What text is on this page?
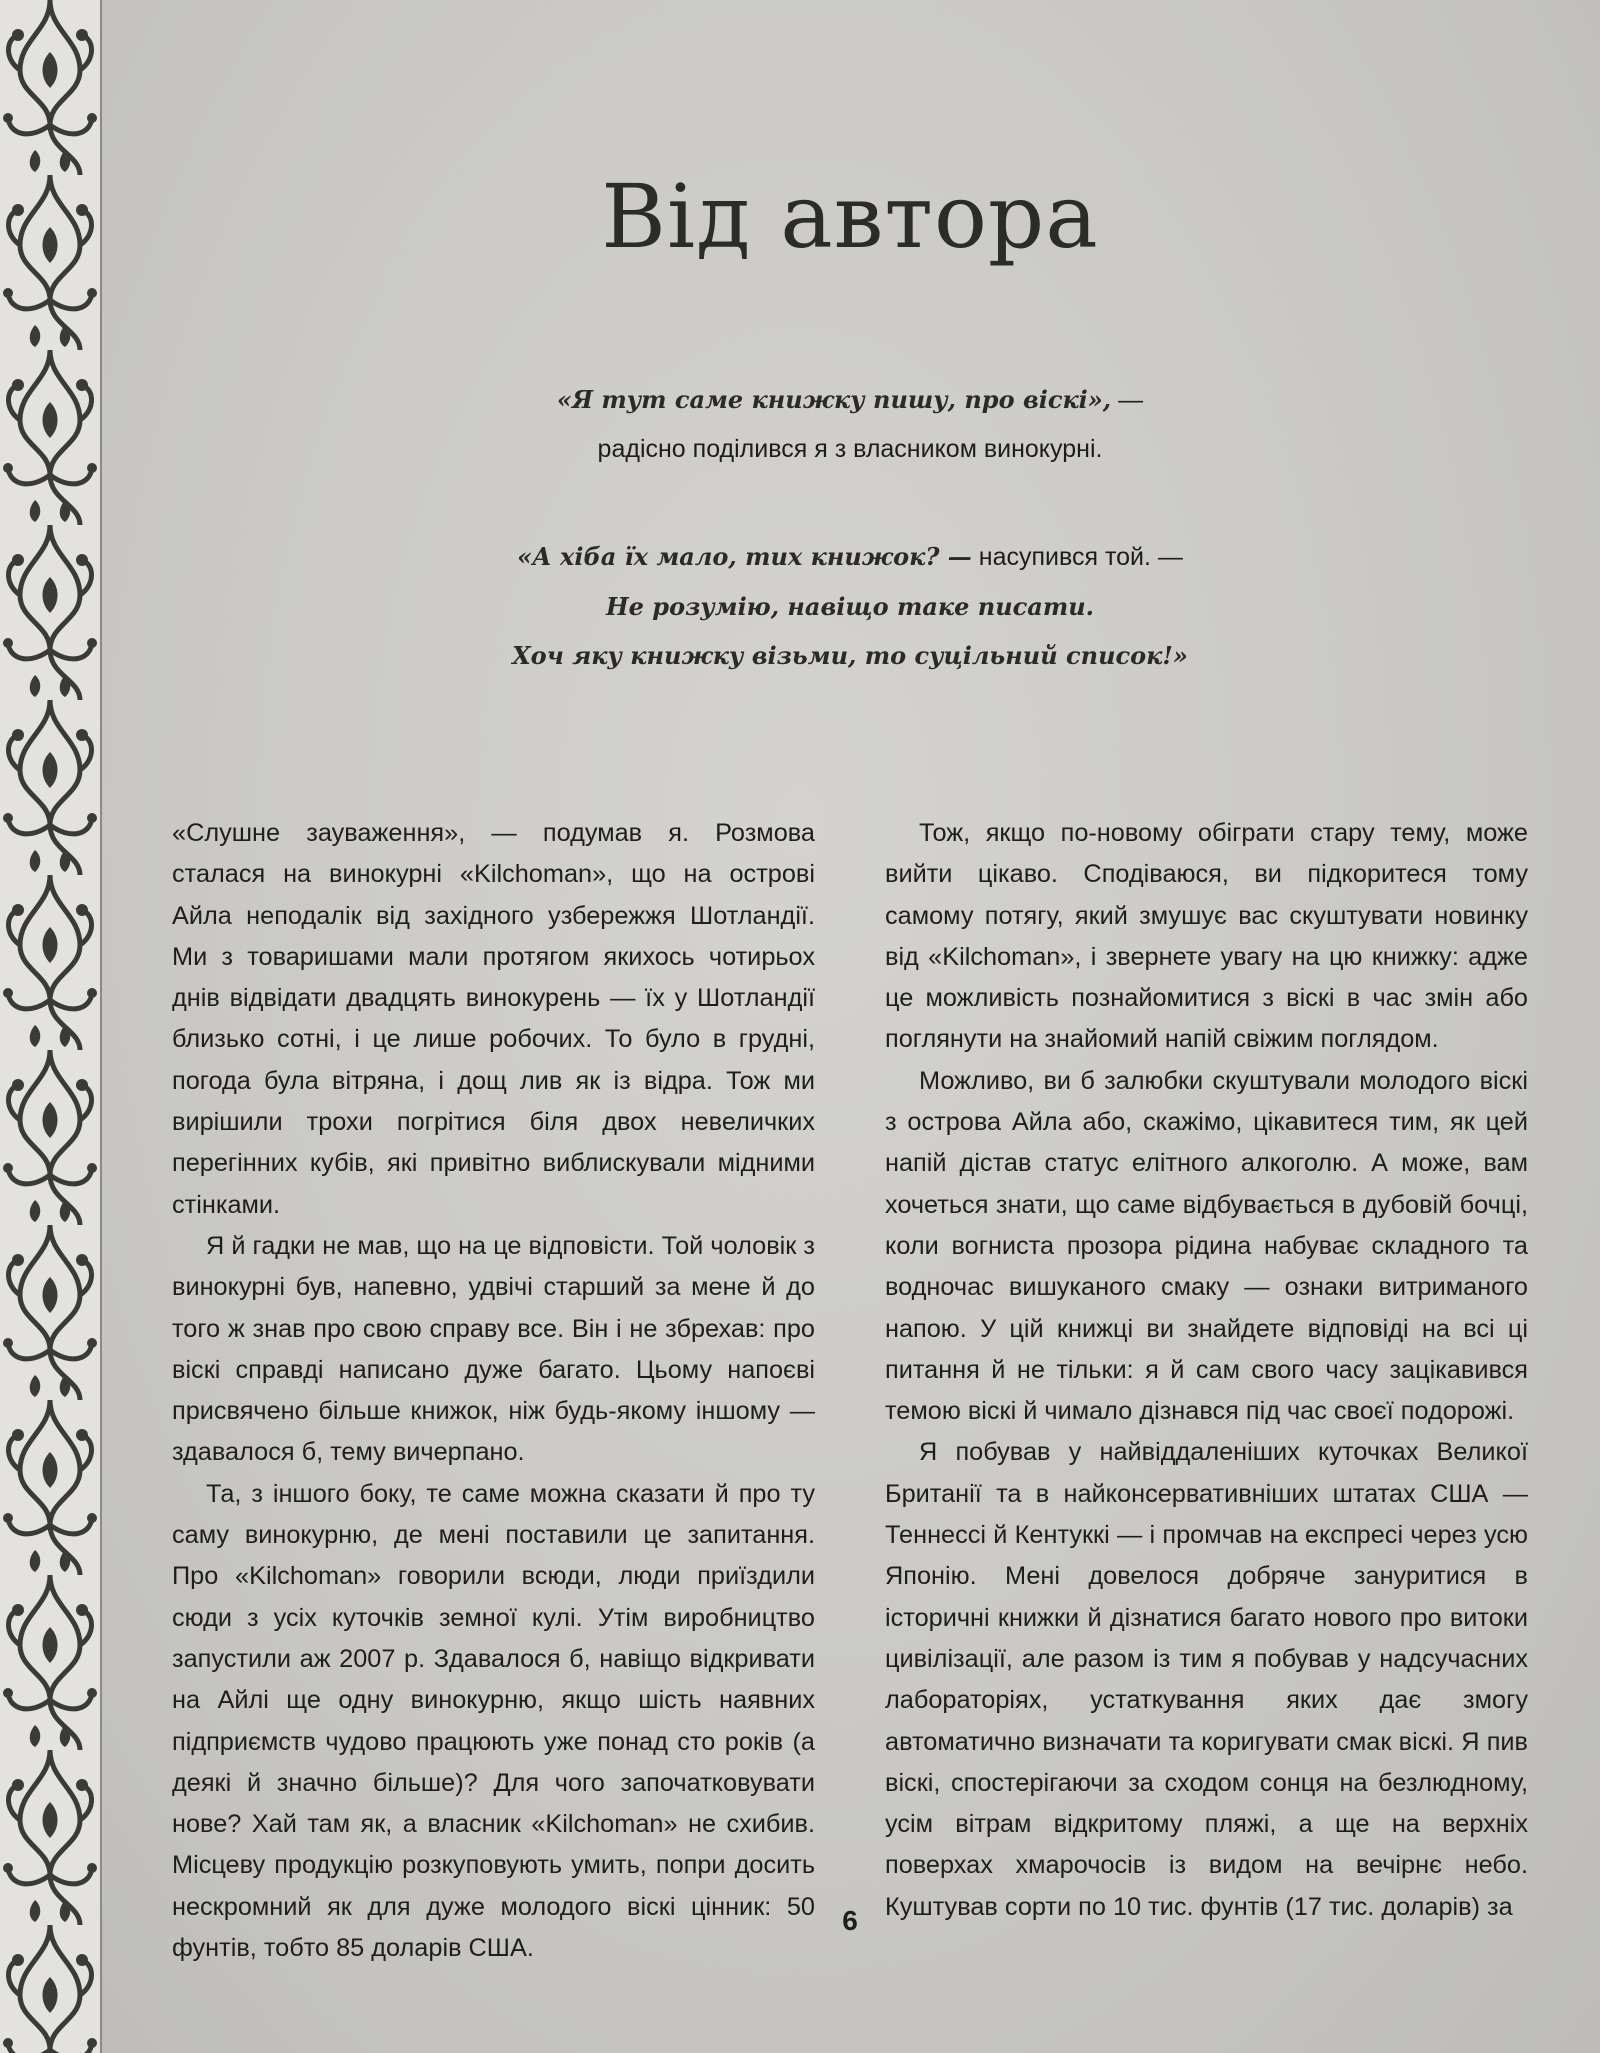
Від автора
«Я тут саме книжку пишу, про віскі», —
радісно поділився я з власником винокурні.
«А хіба їх мало, тих книжок? — насупився той. —
Не розумію, навіщо таке писати.
Хоч яку книжку візьми, то суцільний список!»

«Слушне зауваження», — подумав я. Розмова сталася на винокурні «Kilchoman», що на острові Айла неподалік від західного узбережжя Шотландії. Ми з товаришами мали протягом якихось чотирьох днів відвідати двадцять винокурень — їх у Шотландії близько сотні, і це лише робочих. То було в грудні, погода була вітряна, і дощ лив як із відра. Тож ми вирішили трохи погрітися біля двох невеличких перегінних кубів, які привітно виблискували мідними стінками.

Я й гадки не мав, що на це відповісти. Той чоловік з винокурні був, напевно, удвічі старший за мене й до того ж знав про свою справу все. Він і не збрехав: про віскі справді написано дуже багато. Цьому напоєві присвячено більше книжок, ніж будь-якому іншому — здавалося б, тему вичерпано.

Та, з іншого боку, те саме можна сказати й про ту саму винокурню, де мені поставили це запитання. Про «Kilchoman» говорили всюди, люди приїздили сюди з усіх куточків земної кулі. Утім виробництво запустили аж 2007 р. Здавалося б, навіщо відкривати на Айлі ще одну винокурню, якщо шість наявних підприємств чудово працюють уже понад сто років (а деякі й значно більше)? Для чого започатковувати нове? Хай там як, а власник «Kilchoman» не схибив. Місцеву продукцію розкуповують умить, попри досить нескромний як для дуже молодого віскі цінник: 50 фунтів, тобто 85 доларів США.

Тож, якщо по-новому обіграти стару тему, може вийти цікаво. Сподіваюся, ви підкоритеся тому самому потягу, який змушує вас скуштувати новинку від «Kilchoman», і звернете увагу на цю книжку: адже це можливість познайомитися з віскі в час змін або поглянути на знайомий напій свіжим поглядом.

Можливо, ви б залюбки скуштували молодого віскі з острова Айла або, скажімо, цікавитеся тим, як цей напій дістав статус елітного алкоголю. А може, вам хочеться знати, що саме відбувається в дубовій бочці, коли вогниста прозора рідина набуває складного та водночас вишуканого смаку — ознаки витриманого напою. У цій книжці ви знайдете відповіді на всі ці питання й не тільки: я й сам свого часу зацікавився темою віскі й чимало дізнався під час своєї подорожі.

Я побував у найвіддаленіших куточках Великої Британії та в найконсервативніших штатах США — Теннессі й Кентуккі — і промчав на експресі через усю Японію. Мені довелося добряче зануритися в історичні книжки й дізнатися багато нового про витоки цивілізації, але разом із тим я побував у надсучасних лабораторіях, устаткування яких дає змогу автоматично визначати та коригувати смак віскі. Я пив віскі, спостерігаючи за сходом сонця на безлюдному, усім вітрам відкритому пляжі, а ще на верхніх поверхах хмарочосів із видом на вечірнє небо. Куштував сорти по 10 тис. фунтів (17 тис. доларів) за

6
